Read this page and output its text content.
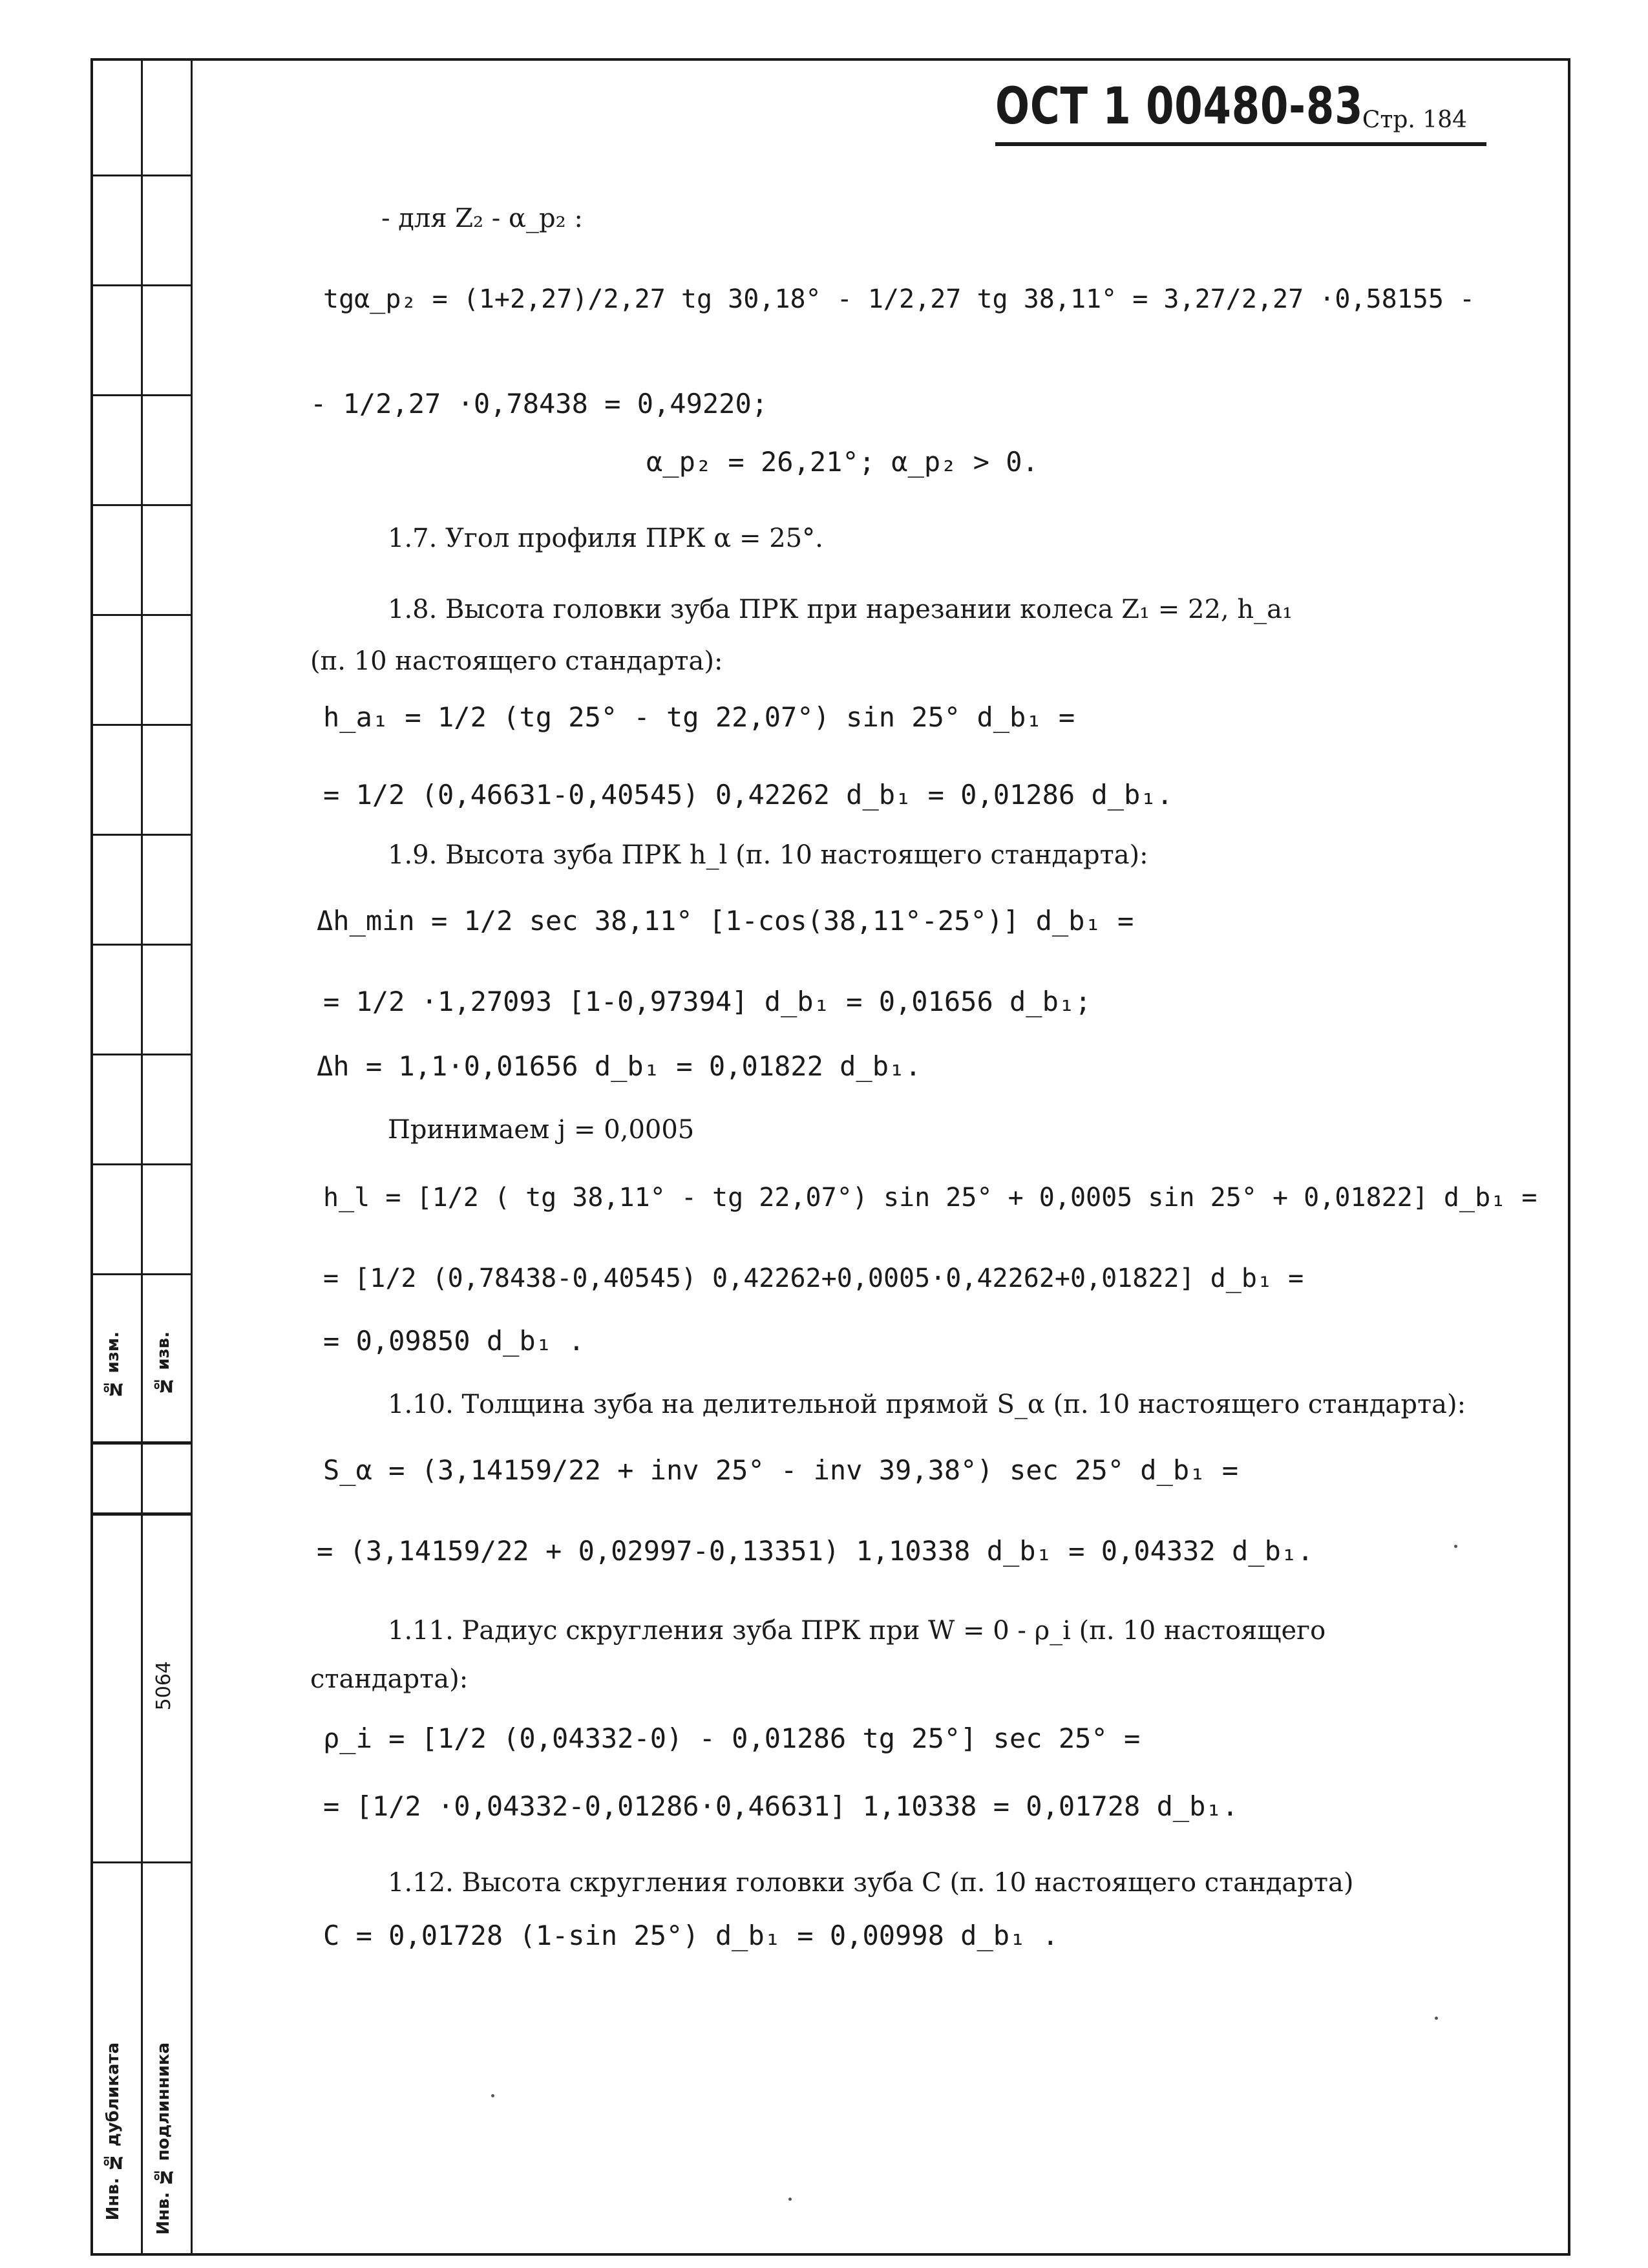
№ изм. № изв.
5064
Инв. № дубликата Инв. № подлинника
ОСТ 1 00480-83
Стр. 184
- для Z₂ - α_p₂ :
tgα_p₂ = (1+2,27)/2,27 tg 30,18° - 1/2,27 tg 38,11° = 3,27/2,27 ·0,58155 -
- 1/2,27 ·0,78438 = 0,49220;
α_p₂ = 26,21°; α_p₂ > 0.
1.7. Угол профиля ПРК α = 25°.
1.8. Высота головки зуба ПРК при нарезании колеса Z₁ = 22, h_a₁
(п. 10 настоящего стандарта):
h_a₁ = 1/2 (tg 25° - tg 22,07°) sin 25° d_b₁ =
= 1/2 (0,46631-0,40545) 0,42262 d_b₁ = 0,01286 d_b₁.
1.9. Высота зуба ПРК h_l (п. 10 настоящего стандарта):
Δh_min = 1/2 sec 38,11° [1-cos(38,11°-25°)] d_b₁ =
= 1/2 ·1,27093 [1-0,97394] d_b₁ = 0,01656 d_b₁;
Δh = 1,1·0,01656 d_b₁ = 0,01822 d_b₁.
Принимаем j = 0,0005
h_l = [1/2 ( tg 38,11° - tg 22,07°) sin 25° + 0,0005 sin 25° + 0,01822] d_b₁ =
= [1/2 (0,78438-0,40545) 0,42262+0,0005·0,42262+0,01822] d_b₁ =
= 0,09850 d_b₁ .
1.10. Толщина зуба на делительной прямой S_α (п. 10 настоящего стандарта):
S_α = (3,14159/22 + inv 25° - inv 39,38°) sec 25° d_b₁ =
= (3,14159/22 + 0,02997-0,13351) 1,10338 d_b₁ = 0,04332 d_b₁.
1.11. Радиус скругления зуба ПРК при W = 0 - ρ_i (п. 10 настоящего
стандарта):
ρ_i = [1/2 (0,04332-0) - 0,01286 tg 25°] sec 25° =
= [1/2 ·0,04332-0,01286·0,46631] 1,10338 = 0,01728 d_b₁.
1.12. Высота скругления головки зуба C (п. 10 настоящего стандарта)
C = 0,01728 (1-sin 25°) d_b₁ = 0,00998 d_b₁ .
